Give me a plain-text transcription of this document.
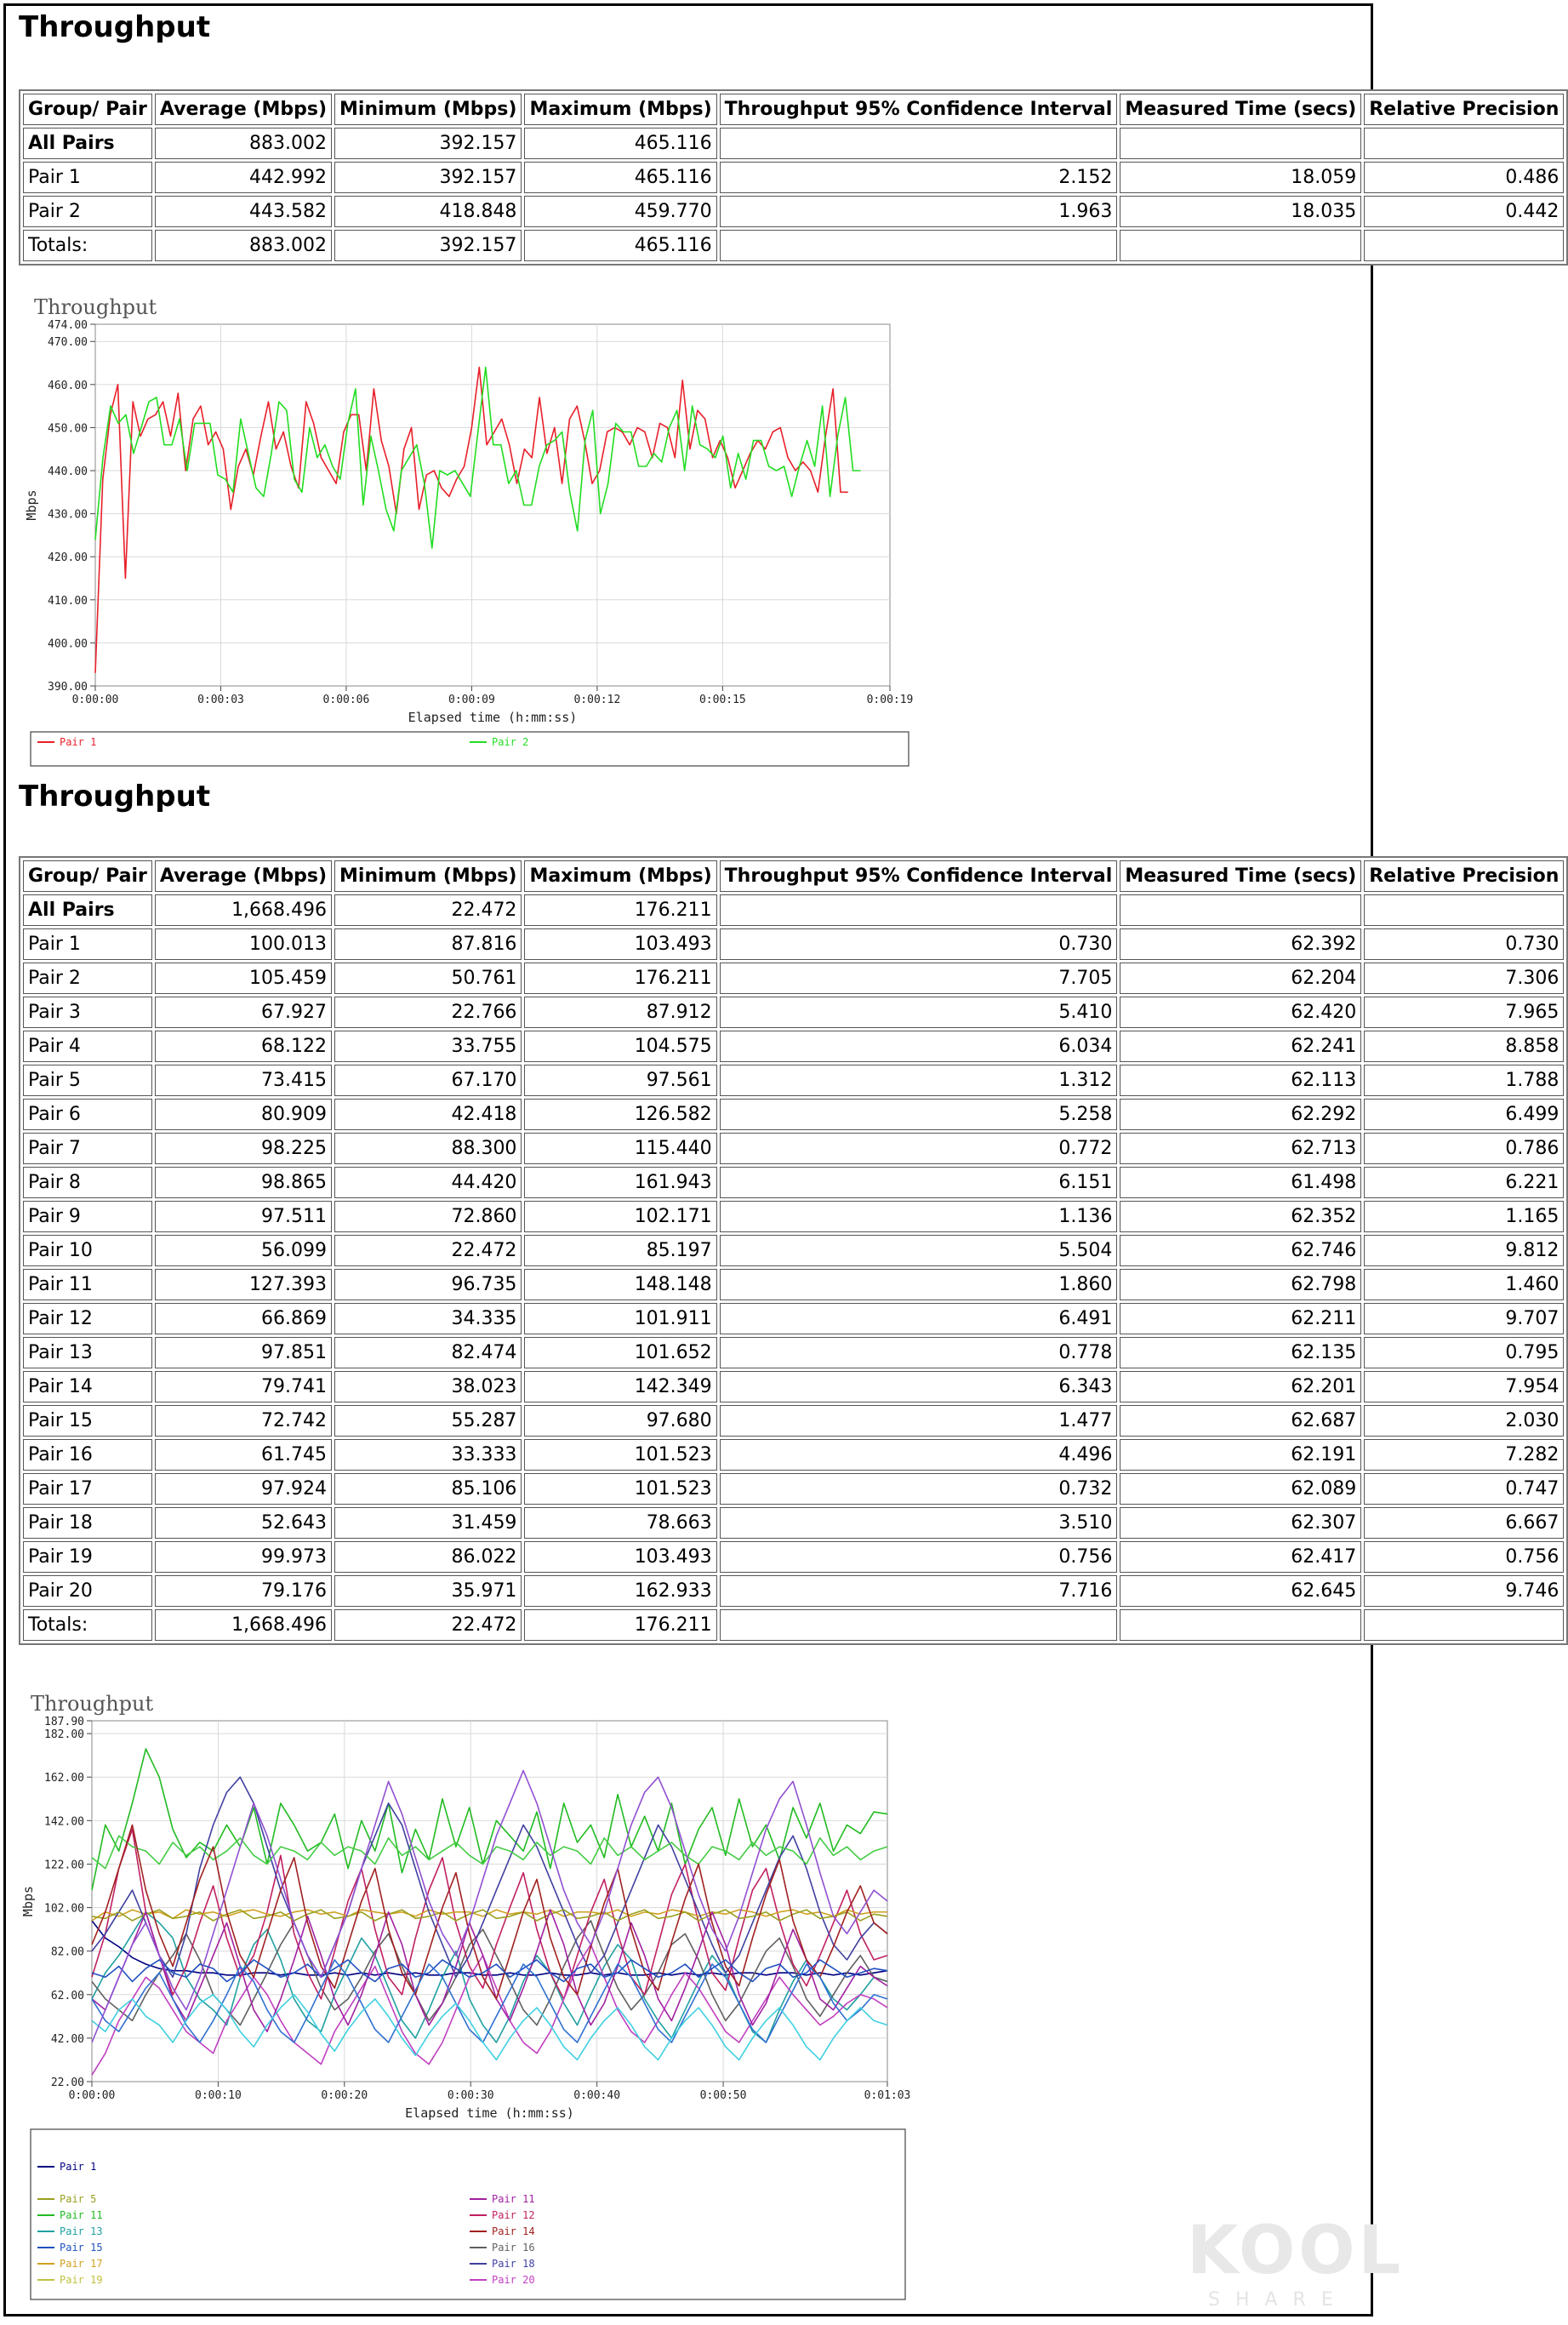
Throughput
Group/ Pair	Average (Mbps)	Minimum (Mbps)	Maximum (Mbps)	Throughput 95% Confidence Interval	Measured Time (secs)	Relative Precision
All Pairs	883.002	392.157	465.116			
Pair 1	442.992	392.157	465.116	2.152	18.059	0.486
Pair 2	443.582	418.848	459.770	1.963	18.035	0.442
Totals:	883.002	392.157	465.116			
Throughput
390.00
400.00
410.00
420.00
430.00
440.00
450.00
460.00
470.00
474.00
0:00:00	0:00:03	0:00:06	0:00:09	0:00:12	0:00:15	0:00:19
Elapsed time (h:mm:ss)
Mbps
Pair 1	Pair 2
Throughput
Group/ Pair	Average (Mbps)	Minimum (Mbps)	Maximum (Mbps)	Throughput 95% Confidence Interval	Measured Time (secs)	Relative Precision
All Pairs	1,668.496	22.472	176.211			
Pair 1	100.013	87.816	103.493	0.730	62.392	0.730
Pair 2	105.459	50.761	176.211	7.705	62.204	7.306
Pair 3	67.927	22.766	87.912	5.410	62.420	7.965
Pair 4	68.122	33.755	104.575	6.034	62.241	8.858
Pair 5	73.415	67.170	97.561	1.312	62.113	1.788
Pair 6	80.909	42.418	126.582	5.258	62.292	6.499
Pair 7	98.225	88.300	115.440	0.772	62.713	0.786
Pair 8	98.865	44.420	161.943	6.151	61.498	6.221
Pair 9	97.511	72.860	102.171	1.136	62.352	1.165
Pair 10	56.099	22.472	85.197	5.504	62.746	9.812
Pair 11	127.393	96.735	148.148	1.860	62.798	1.460
Pair 12	66.869	34.335	101.911	6.491	62.211	9.707
Pair 13	97.851	82.474	101.652	0.778	62.135	0.795
Pair 14	79.741	38.023	142.349	6.343	62.201	7.954
Pair 15	72.742	55.287	97.680	1.477	62.687	2.030
Pair 16	61.745	33.333	101.523	4.496	62.191	7.282
Pair 17	97.924	85.106	101.523	0.732	62.089	0.747
Pair 18	52.643	31.459	78.663	3.510	62.307	6.667
Pair 19	99.973	86.022	103.493	0.756	62.417	0.756
Pair 20	79.176	35.971	162.933	7.716	62.645	9.746
Totals:	1,668.496	22.472	176.211			
Throughput
22.00
42.00
62.00
82.00
102.00
122.00
142.00
162.00
182.00
187.90
0:00:00	0:00:10	0:00:20	0:00:30	0:00:40	0:00:50	0:01:03
Elapsed time (h:mm:ss)
Mbps
Pair 1
Pair 5
Pair 11
Pair 13
Pair 15
Pair 17
Pair 19
Pair 11
Pair 12
Pair 14
Pair 16
Pair 18
Pair 20	KOOL
SHARE
